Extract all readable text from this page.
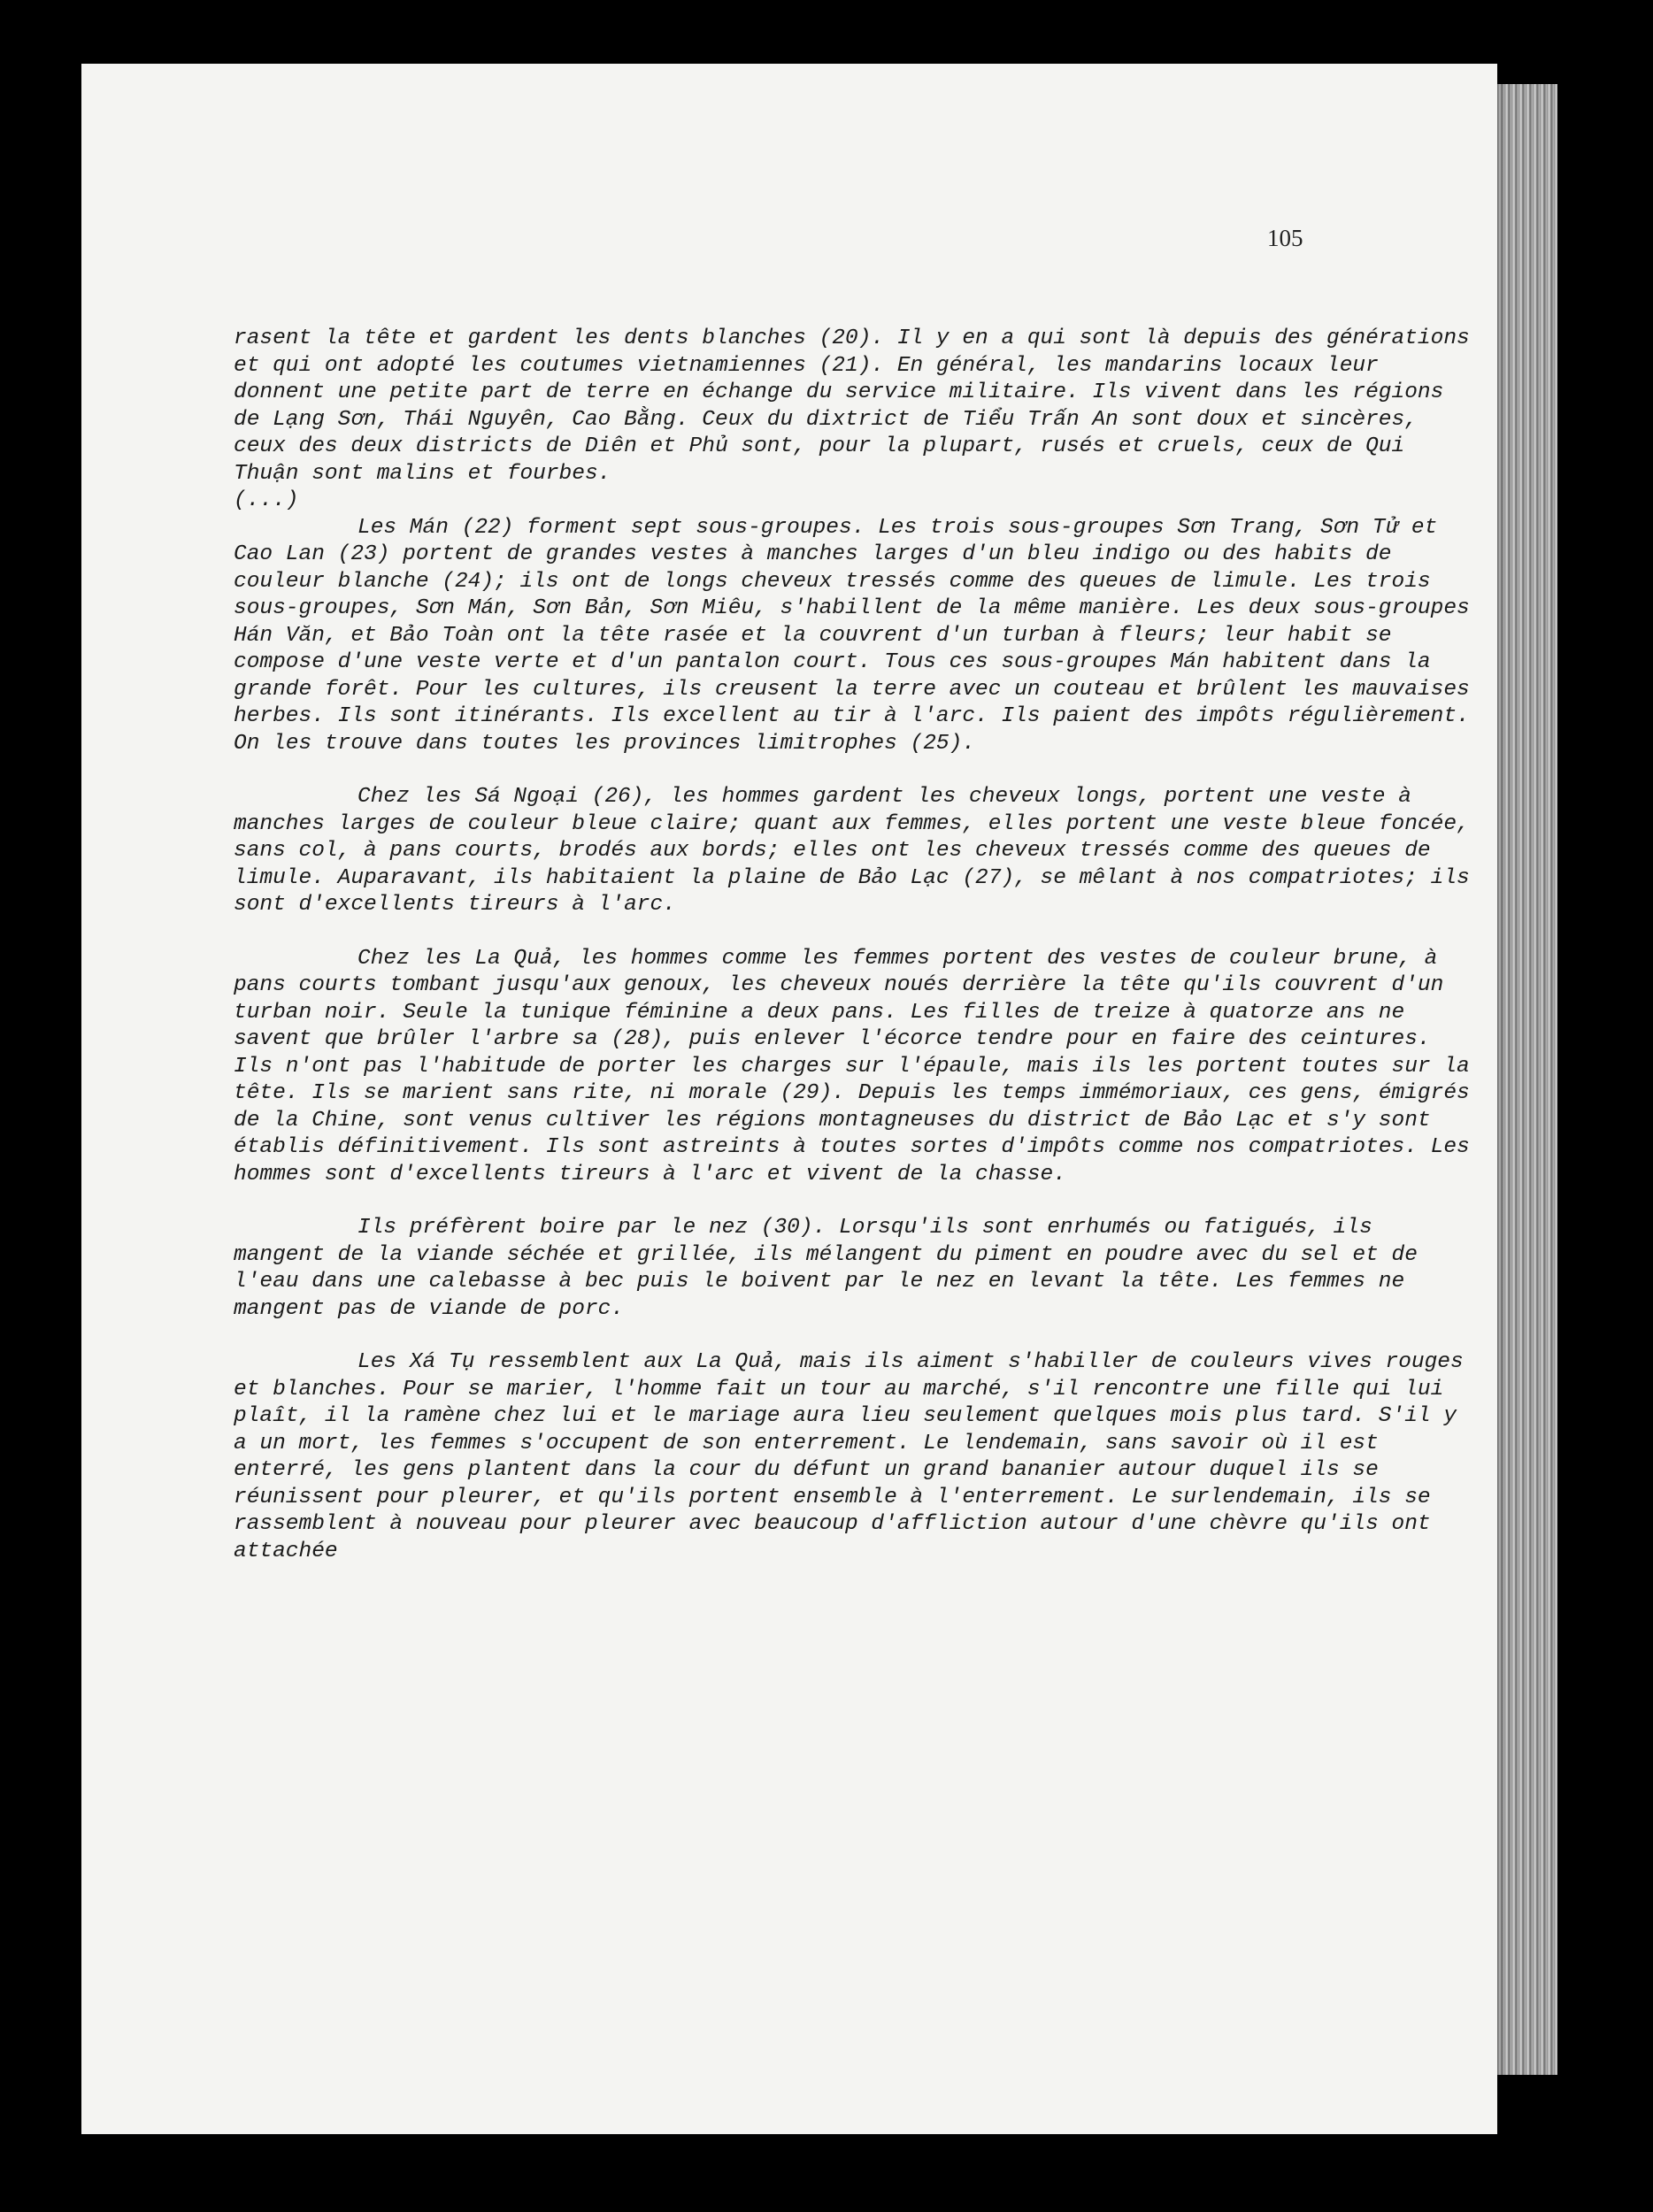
105

rasent la tête et gardent les dents blanches (20). Il y en a qui sont là depuis des générations et qui ont adopté les coutumes vietnamiennes (21). En général, les mandarins locaux leur donnent une petite part de terre en échange du service militaire. Ils vivent dans les régions de Lạng Sơn, Thái Nguyên, Cao Bằng. Ceux du dixtrict de Tiểu Trấn An sont doux et sincères, ceux des deux districts de Diên et Phủ sont, pour la plupart, rusés et cruels, ceux de Qui Thuận sont malins et fourbes.

(...)

Les Mán (22) forment sept sous-groupes. Les trois sous-groupes Sơn Trang, Sơn Tử et Cao Lan (23) portent de grandes vestes à manches larges d'un bleu indigo ou des habits de couleur blanche (24); ils ont de longs cheveux tressés comme des queues de limule. Les trois sous-groupes, Sơn Mán, Sơn Bản, Sơn Miêu, s'habillent de la même manière. Les deux sous-groupes Hán Văn, et Bảo Toàn ont la tête rasée et la couvrent d'un turban à fleurs; leur habit se compose d'une veste verte et d'un pantalon court. Tous ces sous-groupes Mán habitent dans la grande forêt. Pour les cultures, ils creusent la terre avec un couteau et brûlent les mauvaises herbes. Ils sont itinérants. Ils excellent au tir à l'arc. Ils paient des impôts régulièrement. On les trouve dans toutes les provinces limitrophes (25).

Chez les Sá Ngoại (26), les hommes gardent les cheveux longs, portent une veste à manches larges de couleur bleue claire; quant aux femmes, elles portent une veste bleue foncée, sans col, à pans courts, brodés aux bords; elles ont les cheveux tressés comme des queues de limule. Auparavant, ils habitaient la plaine de Bảo Lạc (27), se mêlant à nos compatriotes; ils sont d'excellents tireurs à l'arc.

Chez les La Quả, les hommes comme les femmes portent des vestes de couleur brune, à pans courts tombant jusqu'aux genoux, les cheveux noués derrière la tête qu'ils couvrent d'un turban noir. Seule la tunique féminine a deux pans. Les filles de treize à quatorze ans ne savent que brûler l'arbre sa (28), puis enlever l'écorce tendre pour en faire des ceintures. Ils n'ont pas l'habitude de porter les charges sur l'épaule, mais ils les portent toutes sur la tête. Ils se marient sans rite, ni morale (29). Depuis les temps immémoriaux, ces gens, émigrés de la Chine, sont venus cultiver les régions montagneuses du district de Bảo Lạc et s'y sont établis définitivement. Ils sont astreints à toutes sortes d'impôts comme nos compatriotes. Les hommes sont d'excellents tireurs à l'arc et vivent de la chasse.

Ils préfèrent boire par le nez (30). Lorsqu'ils sont enrhumés ou fatigués, ils mangent de la viande séchée et grillée, ils mélangent du piment en poudre avec du sel et de l'eau dans une calebasse à bec puis le boivent par le nez en levant la tête. Les femmes ne mangent pas de viande de porc.

Les Xá Tụ ressemblent aux La Quả, mais ils aiment s'habiller de couleurs vives rouges et blanches. Pour se marier, l'homme fait un tour au marché, s'il rencontre une fille qui lui plaît, il la ramène chez lui et le mariage aura lieu seulement quelques mois plus tard. S'il y a un mort, les femmes s'occupent de son enterrement. Le lendemain, sans savoir où il est enterré, les gens plantent dans la cour du défunt un grand bananier autour duquel ils se réunissent pour pleurer, et qu'ils portent ensemble à l'enterrement. Le surlendemain, ils se rassemblent à nouveau pour pleurer avec beaucoup d'affliction autour d'une chèvre qu'ils ont attachée
